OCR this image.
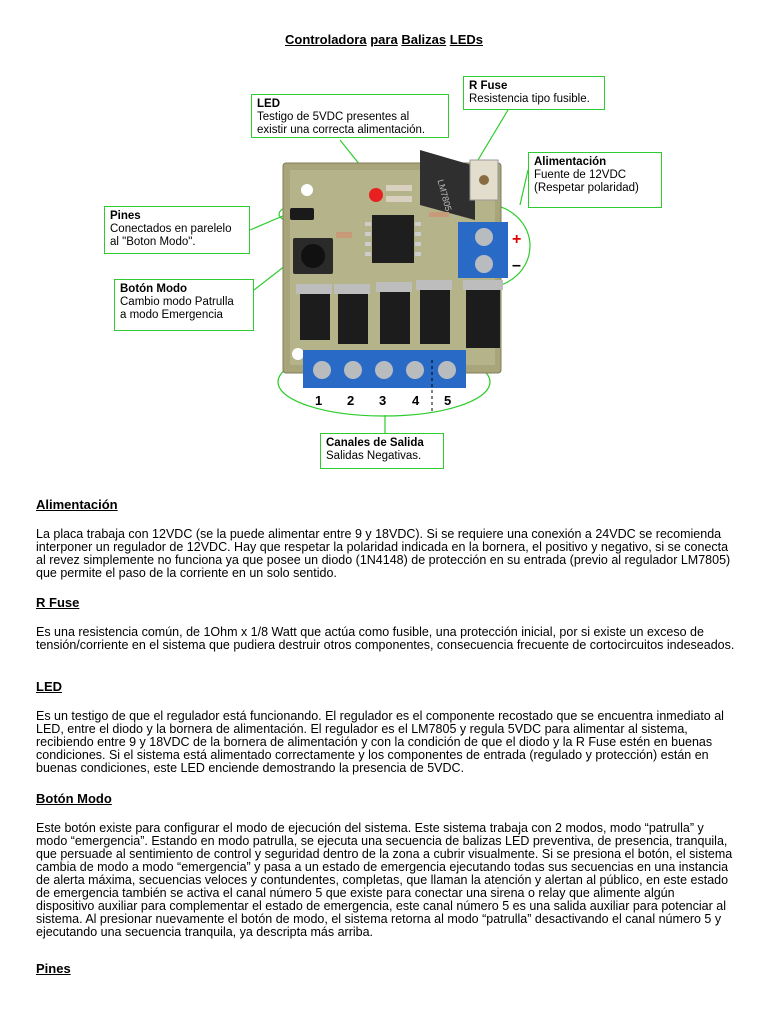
Controladora para Balizas LEDs
LM7805
+
–
1 2 3 4 5
LED
Testigo de 5VDC presentes al
existir una correcta alimentación.
R Fuse
Resistencia tipo fusible.
Alimentación
Fuente de 12VDC
(Respetar polaridad)
Pines
Conectados en parelelo
al "Boton Modo".
Botón Modo
Cambio modo Patrulla
a modo Emergencia
Canales de Salida
Salidas Negativas.
Alimentación

La placa trabaja con 12VDC (se la puede alimentar entre 9 y 18VDC). Si se requiere una conexión a 24VDC se recomienda interponer un regulador de 12VDC. Hay que respetar la polaridad indicada en la bornera, el positivo y negativo, si se conecta al revez simplemente no funciona ya que posee un diodo (1N4148) de protección en su entrada (previo al regulador LM7805) que permite el paso de la corriente en un solo sentido.

R Fuse

Es una resistencia común, de 1Ohm x 1/8 Watt que actúa como fusible, una protección inicial, por si existe un exceso de tensión/corriente en el sistema que pudiera destruir otros componentes, consecuencia frecuente de cortocircuitos indeseados.

LED

Es un testigo de que el regulador está funcionando. El regulador es el componente recostado que se encuentra inmediato al LED, entre el diodo y la bornera de alimentación. El regulador es el LM7805 y regula 5VDC para alimentar al sistema, recibiendo entre 9 y 18VDC de la bornera de alimentación y con la condición de que el diodo y la R Fuse estén en buenas condiciones. Si el sistema está alimentado correctamente y los componentes de entrada (regulado y protección) están en buenas condiciones, este LED enciende demostrando la presencia de 5VDC.

Botón Modo

Este botón existe para configurar el modo de ejecución del sistema. Este sistema trabaja con 2 modos, modo “patrulla” y modo “emergencia”. Estando en modo patrulla, se ejecuta una secuencia de balizas LED preventiva, de presencia, tranquila, que persuade al sentimiento de control y seguridad dentro de la zona a cubrir visualmente. Si se presiona el botón, el sistema cambia de modo a modo “emergencia” y pasa a un estado de emergencia ejecutando todas sus secuencias en una instancia de alerta máxima, secuencias veloces y contundentes, completas, que llaman la atención y alertan al público, en este estado de emergencia también se activa el canal número 5 que existe para conectar una sirena o relay que alimente algún dispositivo auxiliar para complementar el estado de emergencia, este canal número 5 es una salida auxiliar para potenciar al sistema. Al presionar nuevamente el botón de modo, el sistema retorna al modo “patrulla” desactivando el canal número 5 y ejecutando una secuencia tranquila, ya descripta más arriba.

Pines
